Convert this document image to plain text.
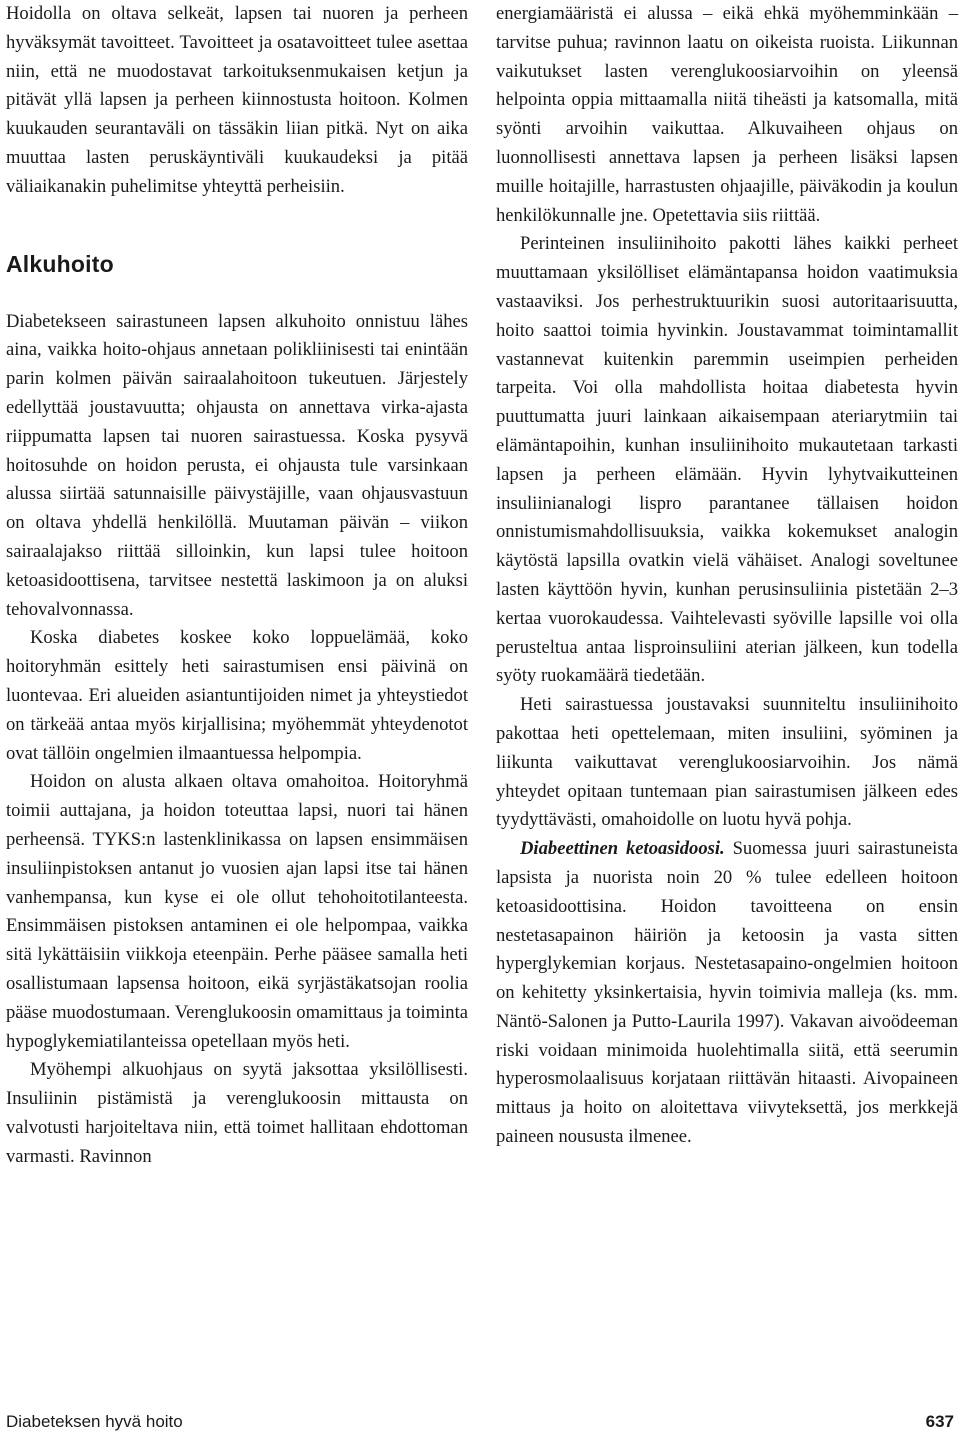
Hoidolla on oltava selkeät, lapsen tai nuoren ja perheen hyväksymät tavoitteet. Tavoitteet ja osatavoitteet tulee asettaa niin, että ne muodostavat tarkoituksenmukaisen ketjun ja pitävät yllä lapsen ja perheen kiinnostusta hoitoon. Kolmen kuukauden seurantaväli on tässäkin liian pitkä. Nyt on aika muuttaa lasten peruskäyntiväli kuukaudeksi ja pitää väliaikanakin puhelimitse yhteyttä perheisiin.

Alkuhoito

Diabetekseen sairastuneen lapsen alkuhoito onnistuu lähes aina, vaikka hoito-ohjaus annetaan polikliinisesti tai enintään parin kolmen päivän sairaalahoitoon tukeutuen. Järjestely edellyttää joustavuutta; ohjausta on annettava virka-ajasta riippumatta lapsen tai nuoren sairastuessa. Koska pysyvä hoitosuhde on hoidon perusta, ei ohjausta tule varsinkaan alussa siirtää satunnaisille päivystäjille, vaan ohjausvastuun on oltava yhdellä henkilöllä. Muutaman päivän – viikon sairaalajakso riittää silloinkin, kun lapsi tulee hoitoon ketoasidoottisena, tarvitsee nestettä laskimoon ja on aluksi tehovalvonnassa.

Koska diabetes koskee koko loppuelämää, koko hoitoryhmän esittely heti sairastumisen ensi päivinä on luontevaa. Eri alueiden asiantuntijoiden nimet ja yhteystiedot on tärkeää antaa myös kirjallisina; myöhemmät yhteydenotot ovat tällöin ongelmien ilmaantuessa helpompia.

Hoidon on alusta alkaen oltava omahoitoa. Hoitoryhmä toimii auttajana, ja hoidon toteuttaa lapsi, nuori tai hänen perheensä. TYKS:n lastenklinikassa on lapsen ensimmäisen insuliinpistoksen antanut jo vuosien ajan lapsi itse tai hänen vanhempansa, kun kyse ei ole ollut tehohoitotilanteesta. Ensimmäisen pistoksen antaminen ei ole helpompaa, vaikka sitä lykättäisiin viikkoja eteenpäin. Perhe pääsee samalla heti osallistumaan lapsensa hoitoon, eikä syrjästäkatsojan roolia pääse muodostumaan. Verenglukoosin omamittaus ja toiminta hypoglykemiatilanteissa opetellaan myös heti.

Myöhempi alkuohjaus on syytä jaksottaa yksilöllisesti. Insuliinin pistämistä ja verenglukoosin mittausta on valvotusti harjoiteltava niin, että toimet hallitaan ehdottoman varmasti. Ravinnon

energiamääristä ei alussa – eikä ehkä myöhemminkään – tarvitse puhua; ravinnon laatu on oikeista ruoista. Liikunnan vaikutukset lasten verenglukoosiarvoihin on yleensä helpointa oppia mittaamalla niitä tiheästi ja katsomalla, mitä syönti arvoihin vaikuttaa. Alkuvaiheen ohjaus on luonnollisesti annettava lapsen ja perheen lisäksi lapsen muille hoitajille, harrastusten ohjaajille, päiväkodin ja koulun henkilökunnalle jne. Opetettavia siis riittää.

Perinteinen insuliinihoito pakotti lähes kaikki perheet muuttamaan yksilölliset elämäntapansa hoidon vaatimuksia vastaaviksi. Jos perhestruktuurikin suosi autoritaarisuutta, hoito saattoi toimia hyvinkin. Joustavammat toimintamallit vastannevat kuitenkin paremmin useimpien perheiden tarpeita. Voi olla mahdollista hoitaa diabetesta hyvin puuttumatta juuri lainkaan aikaisempaan ateriarytmiin tai elämäntapoihin, kunhan insuliinihoito mukautetaan tarkasti lapsen ja perheen elämään. Hyvin lyhytvaikutteinen insuliinianalogi lispro parantanee tällaisen hoidon onnistumismahdollisuuksia, vaikka kokemukset analogin käytöstä lapsilla ovatkin vielä vähäiset. Analogi soveltunee lasten käyttöön hyvin, kunhan perusinsuliinia pistetään 2–3 kertaa vuorokaudessa. Vaihtelevasti syöville lapsille voi olla perusteltua antaa lisproinsuliini aterian jälkeen, kun todella syöty ruokamäärä tiedetään.

Heti sairastuessa joustavaksi suunniteltu insuliinihoito pakottaa heti opettelemaan, miten insuliini, syöminen ja liikunta vaikuttavat verenglukoosiarvoihin. Jos nämä yhteydet opitaan tuntemaan pian sairastumisen jälkeen edes tyydyttävästi, omahoidolle on luotu hyvä pohja.

Diabeettinen ketoasidoosi. Suomessa juuri sairastuneista lapsista ja nuorista noin 20 % tulee edelleen hoitoon ketoasidoottisina. Hoidon tavoitteena on ensin nestetasapainon häiriön ja ketoosin ja vasta sitten hyperglykemian korjaus. Nestetasapaino-ongelmien hoitoon on kehitetty yksinkertaisia, hyvin toimivia malleja (ks. mm. Näntö-Salonen ja Putto-Laurila 1997). Vakavan aivoödeeman riski voidaan minimoida huolehtimalla siitä, että seerumin hyperosmolaalisuus korjataan riittävän hitaasti. Aivopaineen mittaus ja hoito on aloitettava viivyteksettä, jos merkkejä paineen noususta ilmenee.

Diabeteksen hyvä hoito	637
